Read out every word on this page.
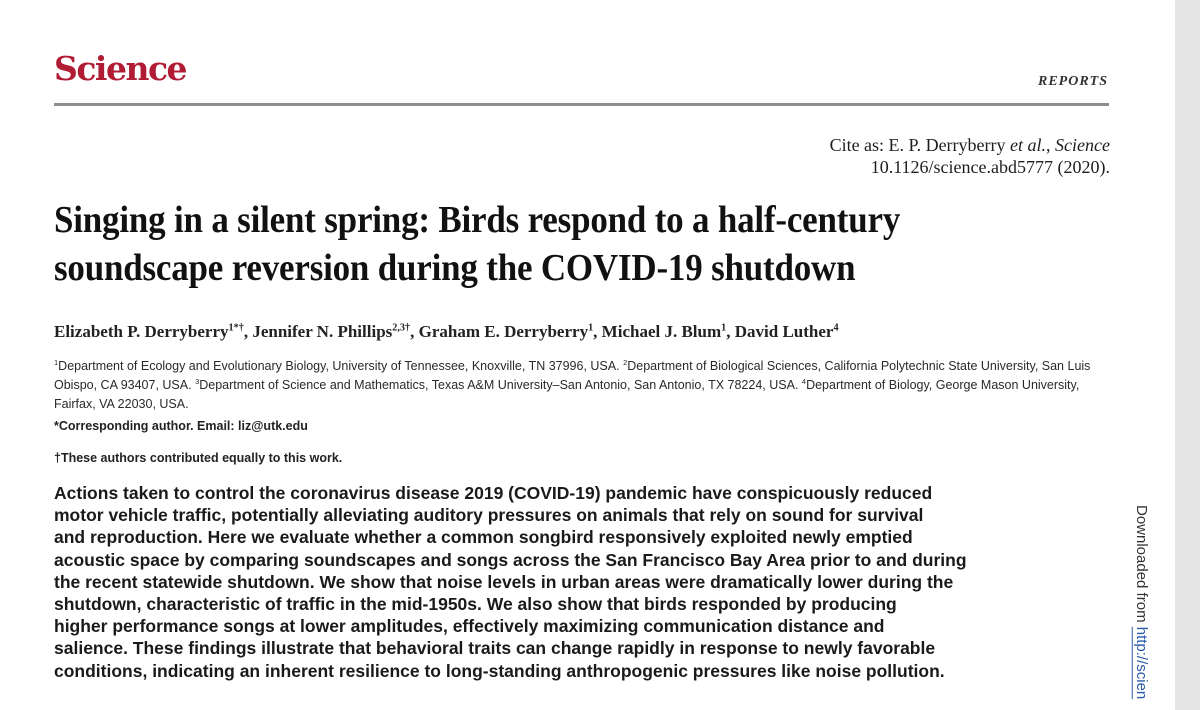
Science	REPORTS
Cite as: E. P. Derryberry et al., Science
10.1126/science.abd5777 (2020).
Singing in a silent spring: Birds respond to a half-century
soundscape reversion during the COVID-19 shutdown
Elizabeth P. Derryberry$^{1*\dagger}$, Jennifer N. Phillips$^{2,3\dagger}$, Graham E. Derryberry$^1$, Michael J. Blum$^1$, David Luther$^4$
$^1$Department of Ecology and Evolutionary Biology, University of Tennessee, Knoxville, TN 37996, USA. $^2$Department of Biological Sciences, California Polytechnic State University, San Luis Obispo, CA 93407, USA. $^3$Department of Science and Mathematics, Texas A&M University–San Antonio, San Antonio, TX 78224, USA. $^4$Department of Biology, George Mason University, Fairfax, VA 22030, USA.
*Corresponding author. Email: liz@utk.edu
†These authors contributed equally to this work.

Actions taken to control the coronavirus disease 2019 (COVID-19) pandemic have conspicuously reduced
motor vehicle traffic, potentially alleviating auditory pressures on animals that rely on sound for survival
and reproduction. Here we evaluate whether a common songbird responsively exploited newly emptied
acoustic space by comparing soundscapes and songs across the San Francisco Bay Area prior to and during
the recent statewide shutdown. We show that noise levels in urban areas were dramatically lower during the
shutdown, characteristic of traffic in the mid-1950s. We also show that birds responded by producing
higher performance songs at lower amplitudes, effectively maximizing communication distance and
salience. These findings illustrate that behavioral traits can change rapidly in response to newly favorable
conditions, indicating an inherent resilience to long-standing anthropogenic pressures like noise pollution.

Downloaded from http://scien
